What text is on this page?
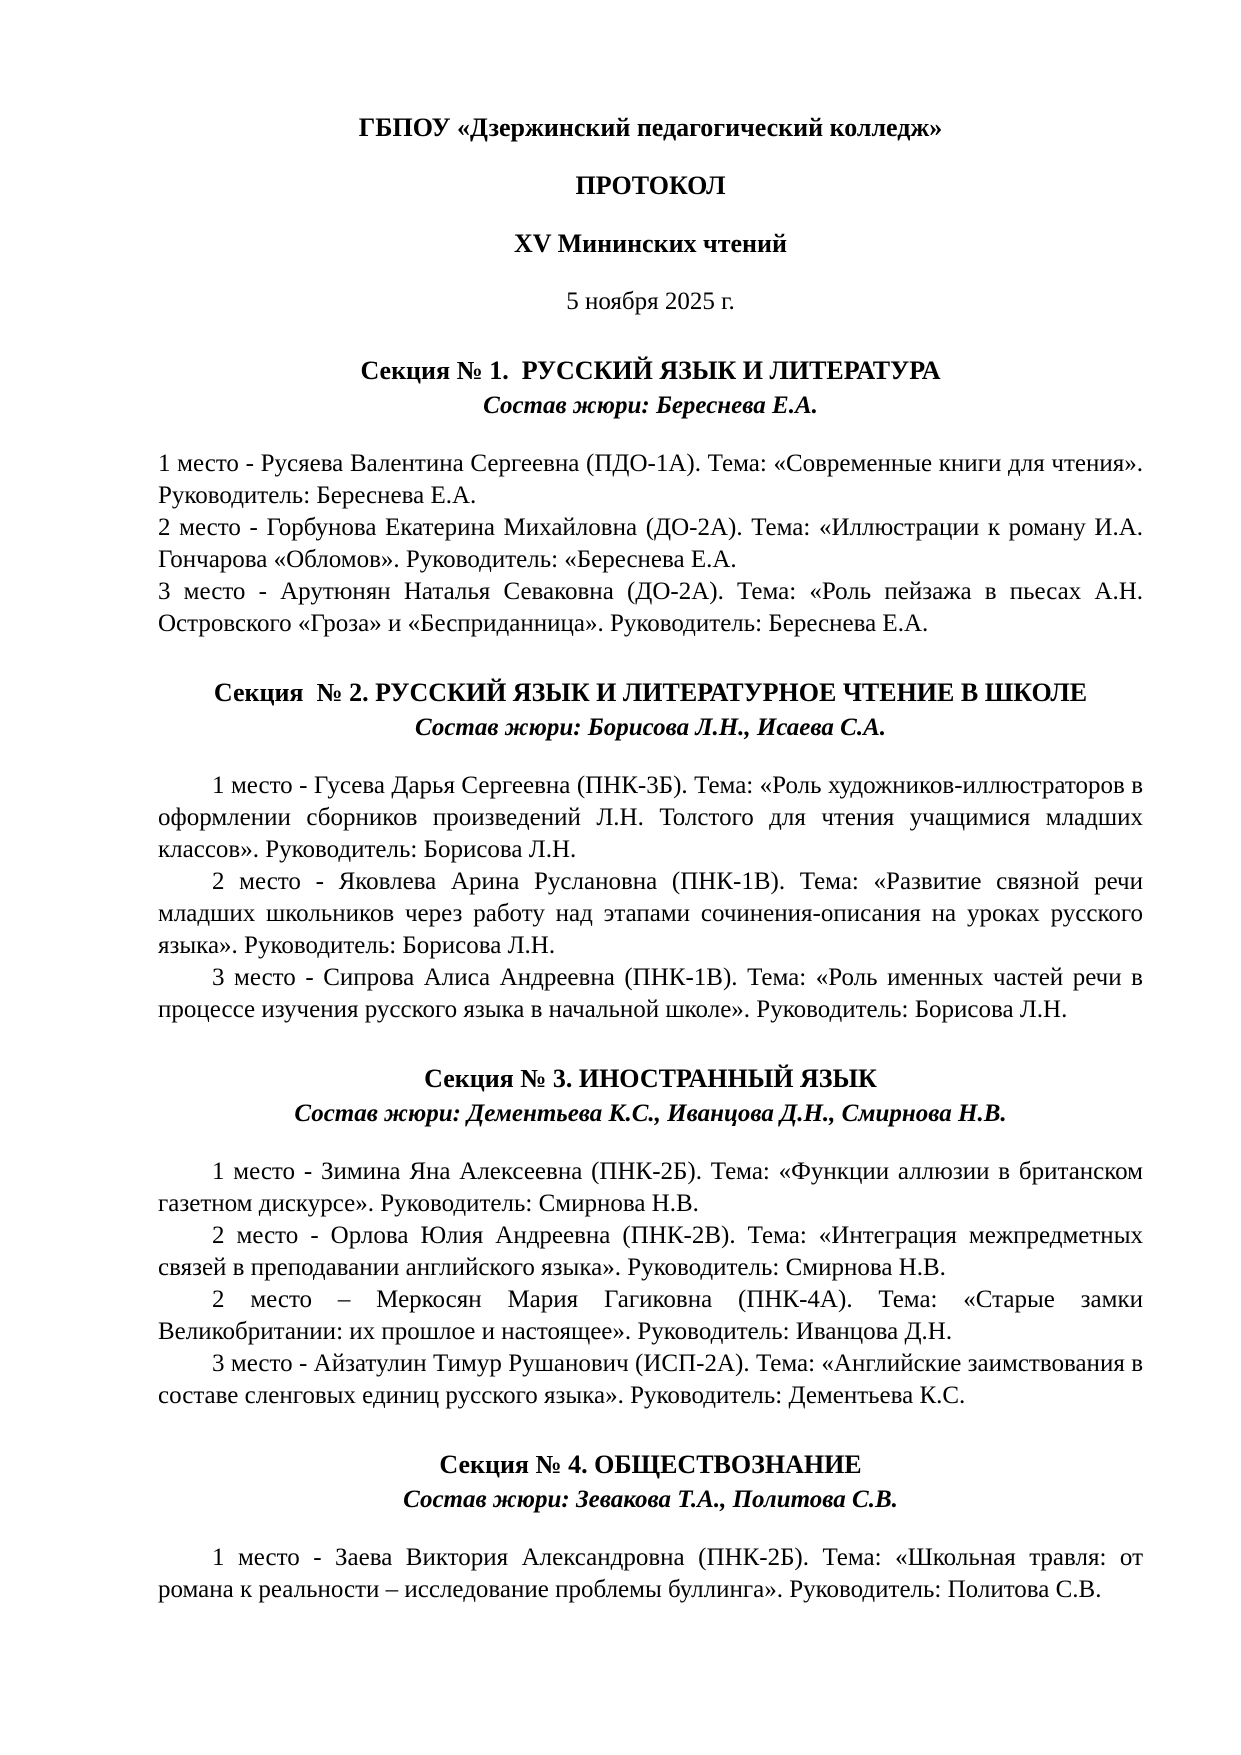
ГБПОУ «Дзержинский педагогический колледж»

ПРОТОКОЛ

XV Мининских чтений

5 ноября 2025 г.

Секция № 1.  РУССКИЙ ЯЗЫК И ЛИТЕРАТУРА

Состав жюри: Береснева Е.А.

1 место - Русяева Валентина Сергеевна (ПДО-1А). Тема: «Современные книги для чтения». Руководитель: Береснева Е.А.

2 место - Горбунова Екатерина Михайловна (ДО-2А). Тема: «Иллюстрации к роману И.А. Гончарова «Обломов». Руководитель: «Береснева Е.А.

3 место - Арутюнян Наталья Севаковна (ДО-2А). Тема: «Роль пейзажа в пьесах А.Н. Островского «Гроза» и «Бесприданница». Руководитель: Береснева Е.А.

Секция  № 2. РУССКИЙ ЯЗЫК И ЛИТЕРАТУРНОЕ ЧТЕНИЕ В ШКОЛЕ

Состав жюри: Борисова Л.Н., Исаева С.А.

1 место - Гусева Дарья Сергеевна (ПНК-3Б). Тема: «Роль художников-иллюстраторов в оформлении сборников произведений Л.Н. Толстого для чтения учащимися младших классов». Руководитель: Борисова Л.Н.

2 место - Яковлева Арина Руслановна (ПНК-1В). Тема: «Развитие связной речи младших школьников через работу над этапами сочинения-описания на уроках русского языка». Руководитель: Борисова Л.Н.

3 место - Сипрова Алиса Андреевна (ПНК-1В). Тема: «Роль именных частей речи в процессе изучения русского языка в начальной школе». Руководитель: Борисова Л.Н.

Секция № 3. ИНОСТРАННЫЙ ЯЗЫК

Состав жюри: Дементьева К.С., Иванцова Д.Н., Смирнова Н.В.

1 место - Зимина Яна Алексеевна (ПНК-2Б). Тема: «Функции аллюзии в британском газетном дискурсе». Руководитель: Смирнова Н.В.

2 место - Орлова Юлия Андреевна (ПНК-2В). Тема: «Интеграция межпредметных связей в преподавании английского языка». Руководитель: Смирнова Н.В.

2 место – Меркосян Мария Гагиковна (ПНК-4А). Тема: «Старые замки Великобритании: их прошлое и настоящее». Руководитель: Иванцова Д.Н.

3 место - Айзатулин Тимур Рушанович (ИСП-2А). Тема: «Английские заимствования в составе сленговых единиц русского языка». Руководитель: Дементьева К.С.

Секция № 4. ОБЩЕСТВОЗНАНИЕ

Состав жюри: Зевакова Т.А., Политова С.В.

1 место - Заева Виктория Александровна (ПНК-2Б). Тема: «Школьная травля: от романа к реальности – исследование проблемы буллинга». Руководитель: Политова С.В.
